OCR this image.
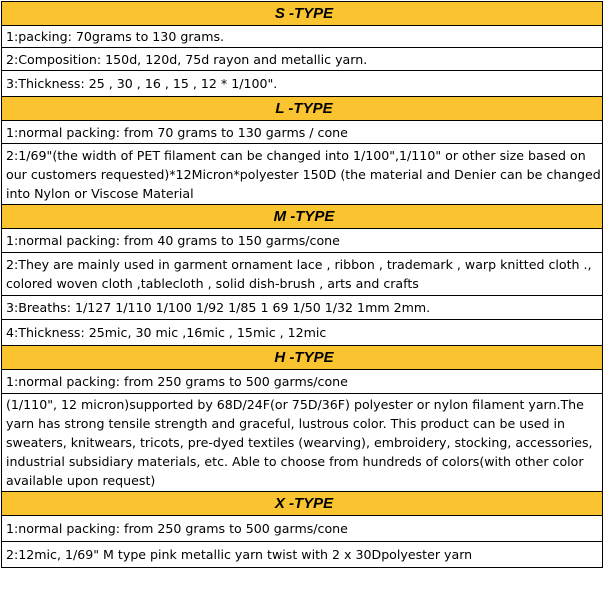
S -TYPE
1:packing: 70grams to 130 grams.
2:Composition: 150d, 120d, 75d rayon and metallic yarn.
3:Thickness: 25 , 30 , 16 , 15 , 12 * 1/100".
L -TYPE
1:normal packing: from 70 grams to 130 garms / cone
2:1/69"(the width of PET filament can be changed into 1/100",1/110" or other size based on our customers requested)*12Micron*polyester 150D (the material and Denier can be changed into Nylon or Viscose Material
M -TYPE
1:normal packing: from 40 grams to 150 garms/cone
2:They are mainly used in garment ornament lace , ribbon , trademark , warp knitted cloth ., colored woven cloth ,tablecloth , solid dish-brush , arts and crafts
3:Breaths: 1/127 1/110 1/100 1/92 1/85 1 69 1/50 1/32 1mm 2mm.
4:Thickness: 25mic, 30 mic ,16mic , 15mic , 12mic
H -TYPE
1:normal packing: from 250 grams to 500 garms/cone
(1/110", 12 micron)supported by 68D/24F(or 75D/36F) polyester or nylon filament yarn.The yarn has strong tensile strength and graceful, lustrous color. This product can be used in sweaters, knitwears, tricots, pre-dyed textiles (wearving), embroidery, stocking, accessories, industrial subsidiary materials, etc. Able to choose from hundreds of colors(with other color available upon request)
X -TYPE
1:normal packing: from 250 grams to 500 garms/cone
2:12mic, 1/69" M type pink metallic yarn twist with 2 x 30Dpolyester yarn
